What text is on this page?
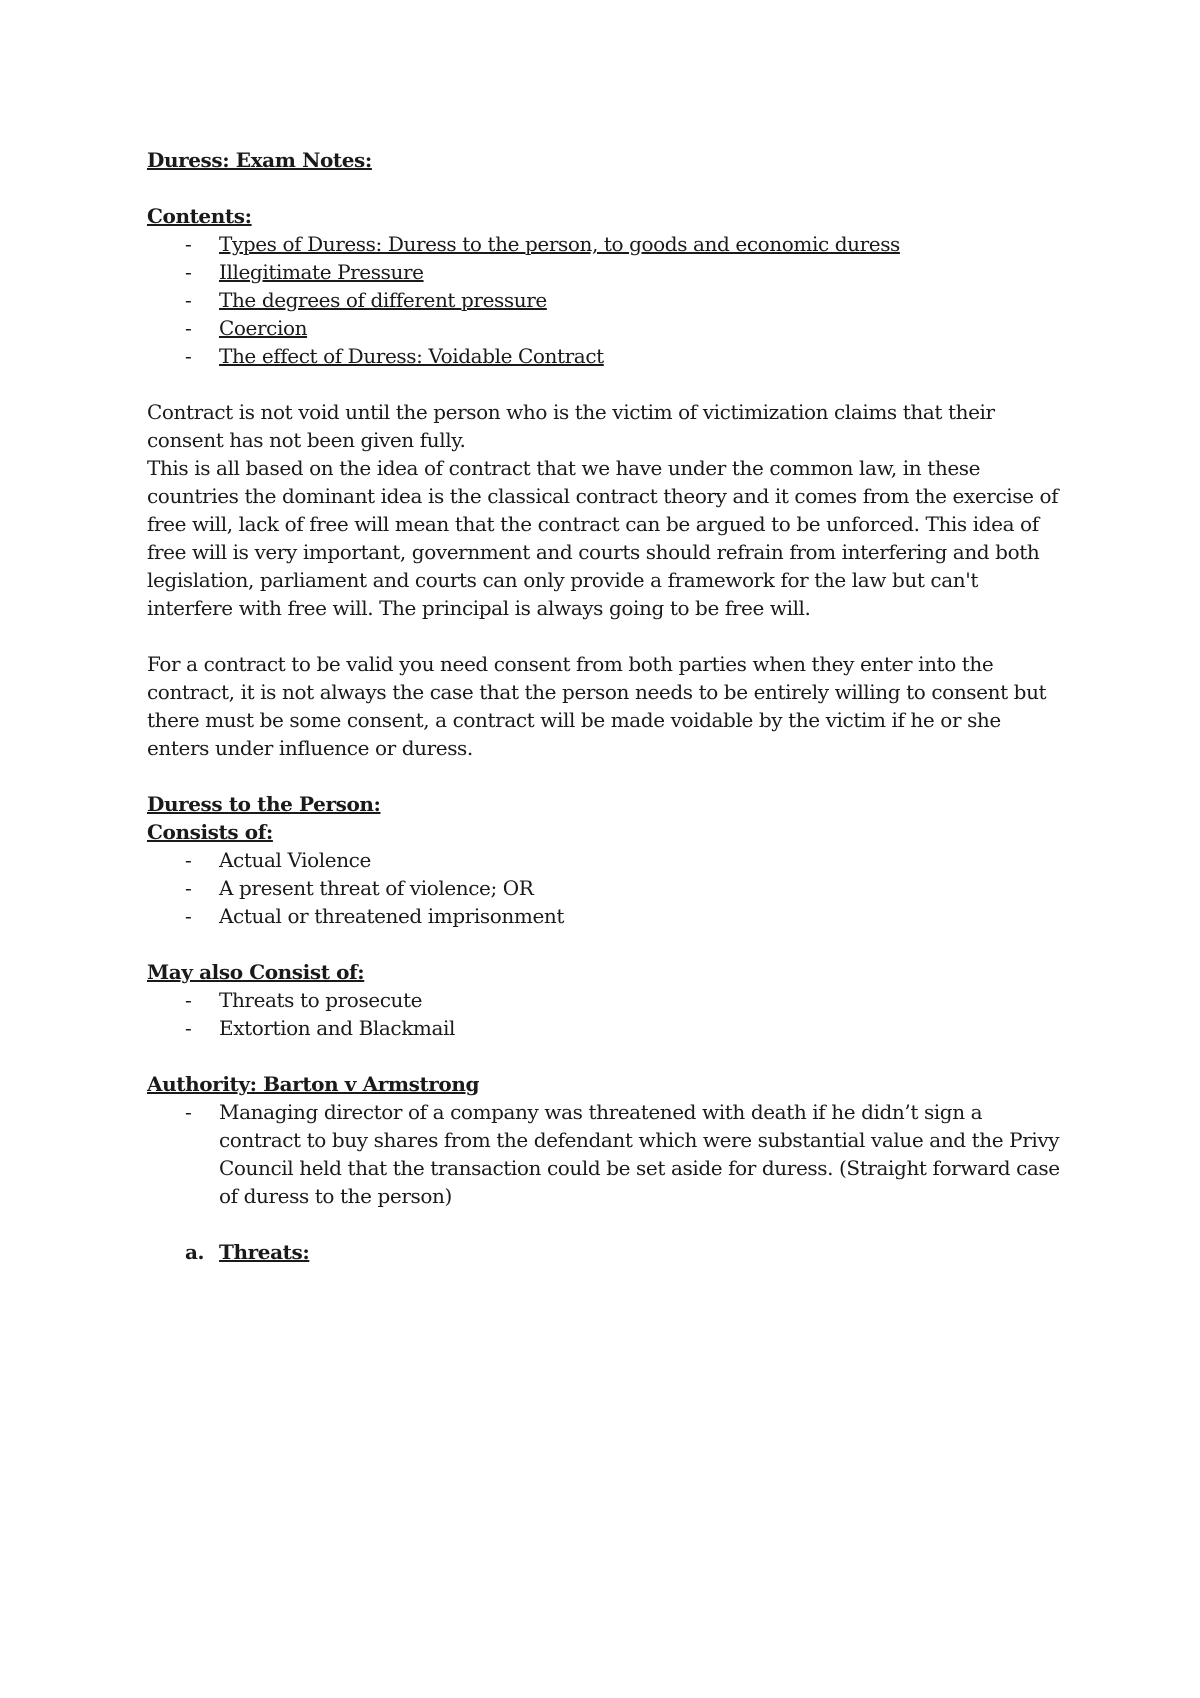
Duress: Exam Notes:

Contents:

- Types of Duress: Duress to the person, to goods and economic duress
- Illegitimate Pressure
- The degrees of different pressure
- Coercion
- The effect of Duress: Voidable Contract

Contract is not void until the person who is the victim of victimization claims that their consent has not been given fully.

This is all based on the idea of contract that we have under the common law, in these countries the dominant idea is the classical contract theory and it comes from the exercise of free will, lack of free will mean that the contract can be argued to be unforced. This idea of free will is very important, government and courts should refrain from interfering and both legislation, parliament and courts can only provide a framework for the law but can't interfere with free will. The principal is always going to be free will.

For a contract to be valid you need consent from both parties when they enter into the contract, it is not always the case that the person needs to be entirely willing to consent but there must be some consent, a contract will be made voidable by the victim if he or she enters under influence or duress.

Duress to the Person:

Consists of:

- Actual Violence
- A present threat of violence; OR
- Actual or threatened imprisonment

May also Consist of:

- Threats to prosecute
- Extortion and Blackmail

Authority: Barton v Armstrong

- Managing director of a company was threatened with death if he didn’t sign a contract to buy shares from the defendant which were substantial value and the Privy Council held that the transaction could be set aside for duress. (Straight forward case of duress to the person)
a. Threats:
